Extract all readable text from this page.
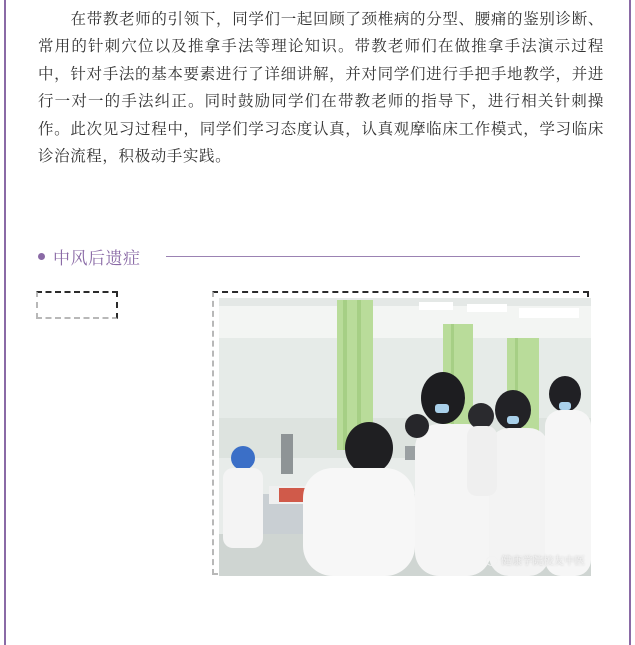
在带教老师的引领下，同学们一起回顾了颈椎病的分型、腰痛的鉴别诊断、常用的针刺穴位以及推拿手法等理论知识。带教老师们在做推拿手法演示过程中，针对手法的基本要素进行了详细讲解，并对同学们进行手把手地教学，并进行一对一的手法纠正。同时鼓励同学们在带教老师的指导下，进行相关针刺操作。此次见习过程中，同学们学习态度认真，认真观摩临床工作模式，学习临床诊治流程，积极动手实践。

中风后遗症
健康学院校友中医
